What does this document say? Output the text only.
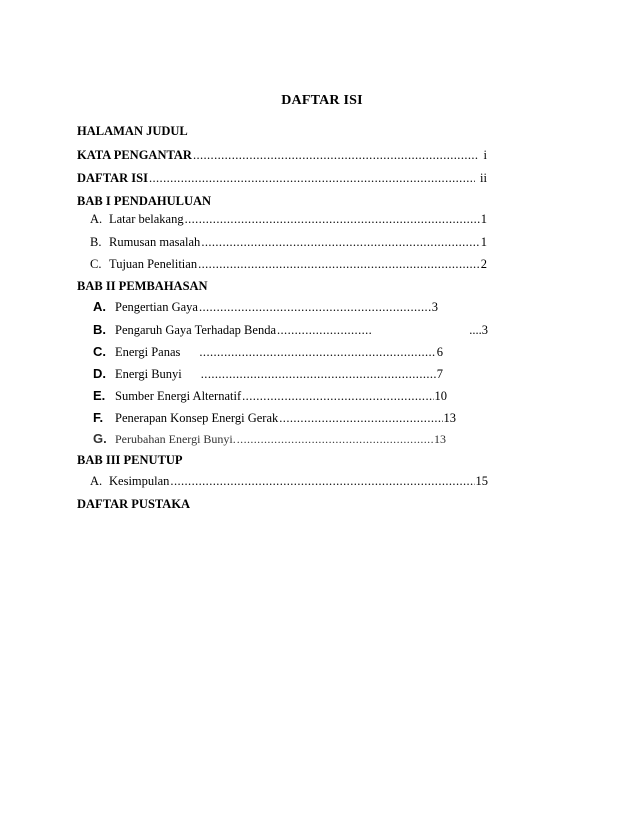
DAFTAR ISI
HALAMAN JUDUL
KATA PENGANTAR .....	i
DAFTAR ISI .....	ii
BAB I PENDAHULUAN
A. Latar belakang .....	1
B. Rumusan masalah .....	1
C. Tujuan Penelitian .....	2
BAB II PEMBAHASAN
A. Pengertian Gaya .....	3
B. Pengaruh Gaya Terhadap Benda .....	....3
C. Energi Panas .....	6
D. Energi Bunyi .....	7
E. Sumber Energi Alternatif .....	10
F. Penerapan Konsep Energi Gerak .....	13
G. Perubahan Energi Bunyi. .....	13
BAB III PENUTUP
A. Kesimpulan .....	15
DAFTAR PUSTAKA
